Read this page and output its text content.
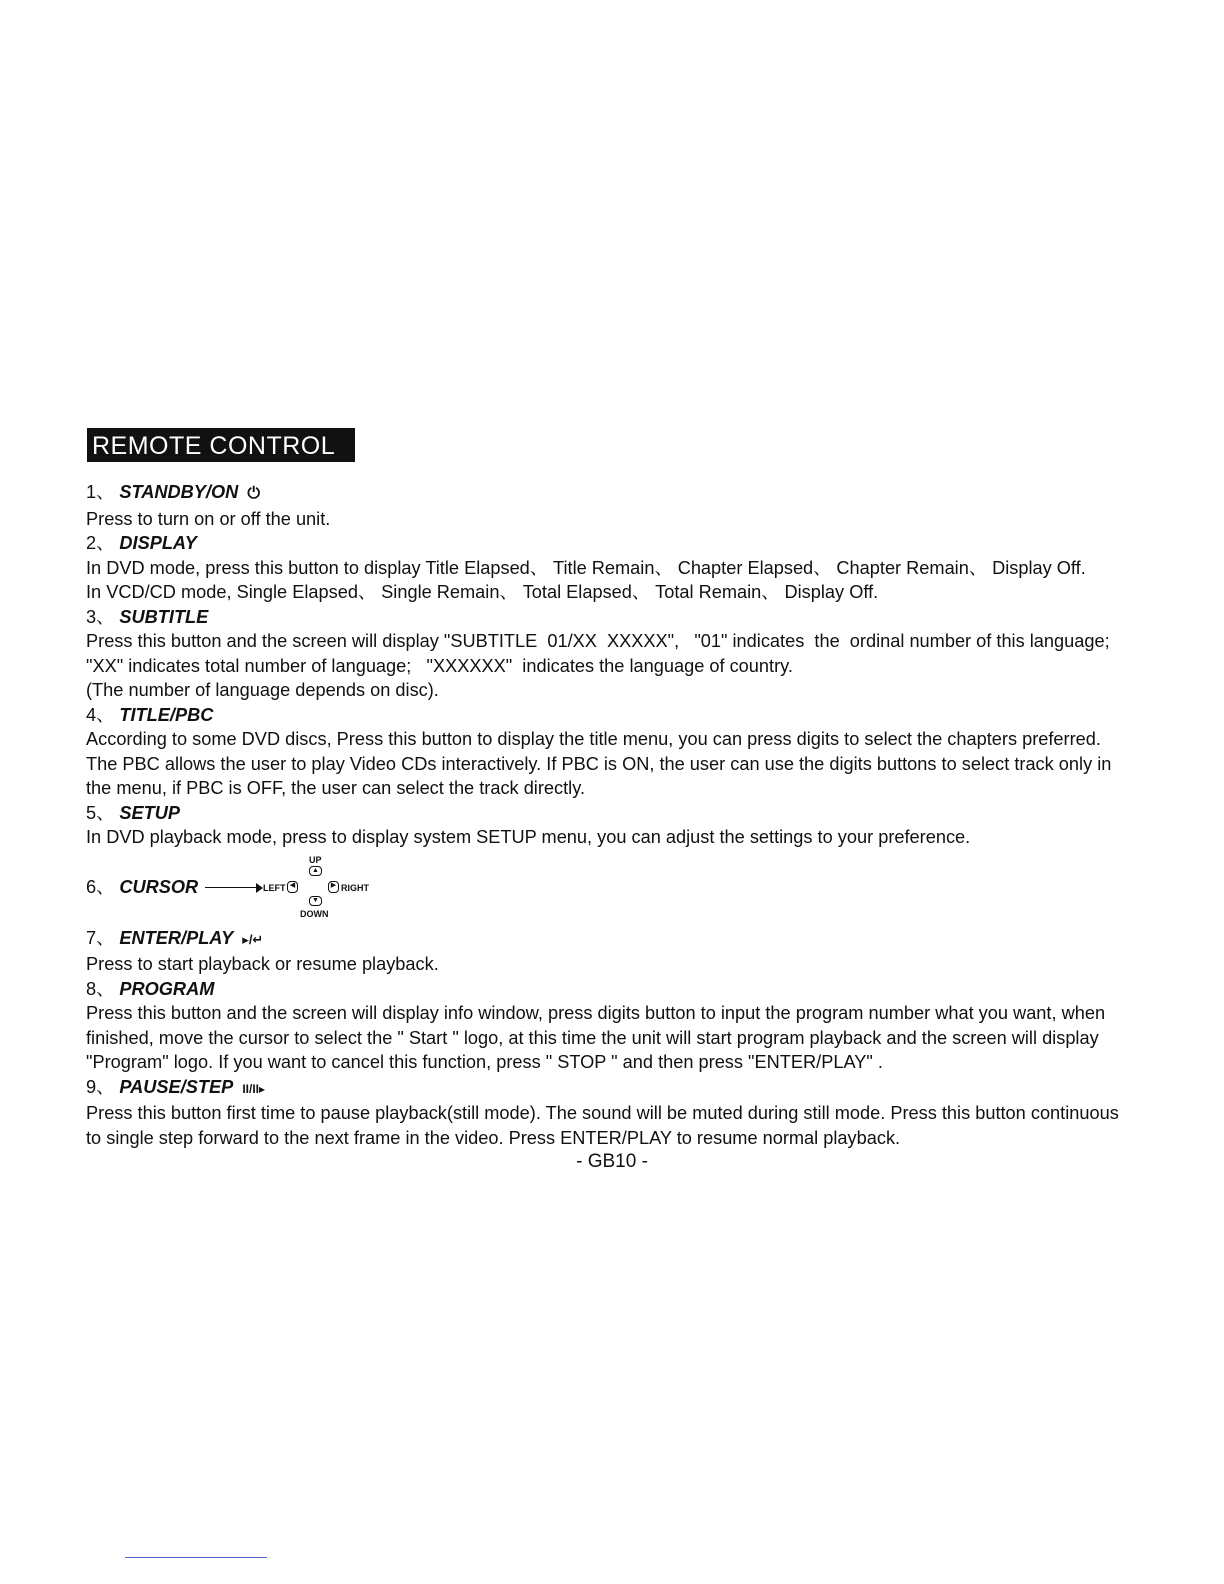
REMOTE CONTROL
1、 STANDBY/ON ⏻
Press to turn on or off the unit.
2、 DISPLAY
In DVD mode, press this button to display Title Elapsed、 Title Remain、 Chapter Elapsed、 Chapter Remain、 Display Off.
In VCD/CD mode, Single Elapsed、 Single Remain、 Total Elapsed、 Total Remain、 Display Off.
3、 SUBTITLE
Press this button and the screen will display "SUBTITLE  01/XX  XXXXX",   "01" indicates  the  ordinal number of this language;
"XX" indicates total number of language;   "XXXXXX"  indicates the language of country.
(The number of language depends on disc).
4、 TITLE/PBC
According to some DVD discs, Press this button to display the title menu, you can press digits to select the chapters preferred.
The PBC allows the user to play Video CDs interactively. If PBC is ON, the user can use the digits buttons to select track only in
the menu, if PBC is OFF, the user can select the track directly.
5、 SETUP
In DVD playback mode, press to display system SETUP menu, you can adjust the settings to your preference.
6、 CURSOR
UP
▲
LEFT ◀	▶ RIGHT
▼
DOWN
7、 ENTER/PLAY ▸/↵
Press to start playback or resume playback.
8、 PROGRAM
Press this button and the screen will display info window, press digits button to input the program number what you want, when
finished, move the cursor to select the " Start " logo, at this time the unit will start program playback and the screen will display
"Program" logo. If you want to cancel this function, press " STOP " and then press "ENTER/PLAY" .
9、 PAUSE/STEP II/II▸
Press this button first time to pause playback(still mode). The sound will be muted during still mode. Press this button continuous
to single step forward to the next frame in the video. Press ENTER/PLAY to resume normal playback.
- GB10 -
